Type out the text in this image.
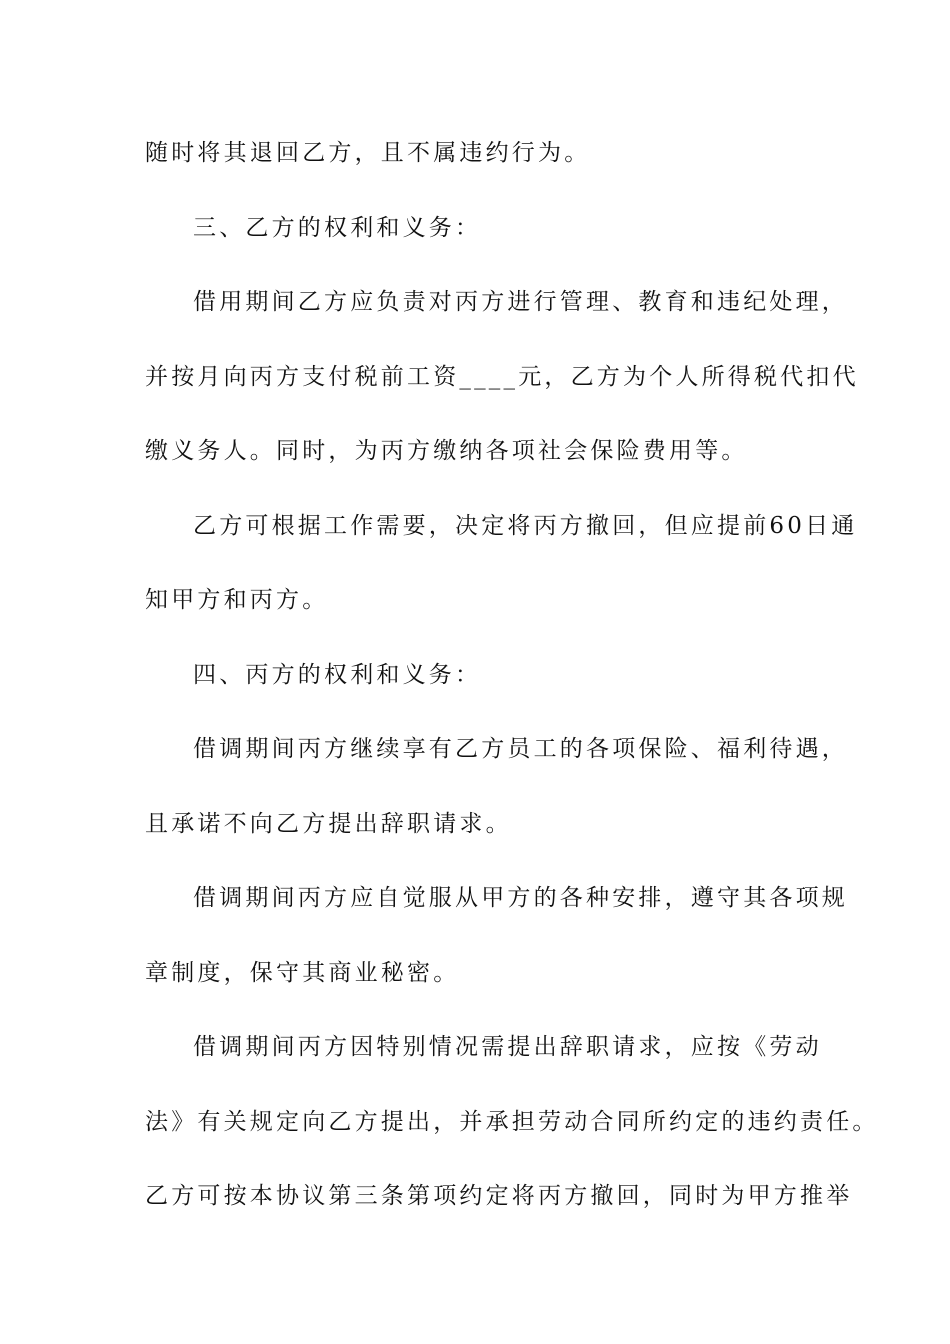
随时将其退回乙方，且不属违约行为。
三、乙方的权利和义务：
借用期间乙方应负责对丙方进行管理、教育和违纪处理，
并按月向丙方支付税前工资____元，乙方为个人所得税代扣代
缴义务人。同时，为丙方缴纳各项社会保险费用等。
乙方可根据工作需要，决定将丙方撤回，但应提前60日通
知甲方和丙方。
四、丙方的权利和义务：
借调期间丙方继续享有乙方员工的各项保险、福利待遇，
且承诺不向乙方提出辞职请求。
借调期间丙方应自觉服从甲方的各种安排，遵守其各项规
章制度，保守其商业秘密。
借调期间丙方因特别情况需提出辞职请求，应按《劳动
法》有关规定向乙方提出，并承担劳动合同所约定的违约责任。
乙方可按本协议第三条第项约定将丙方撤回，同时为甲方推举
